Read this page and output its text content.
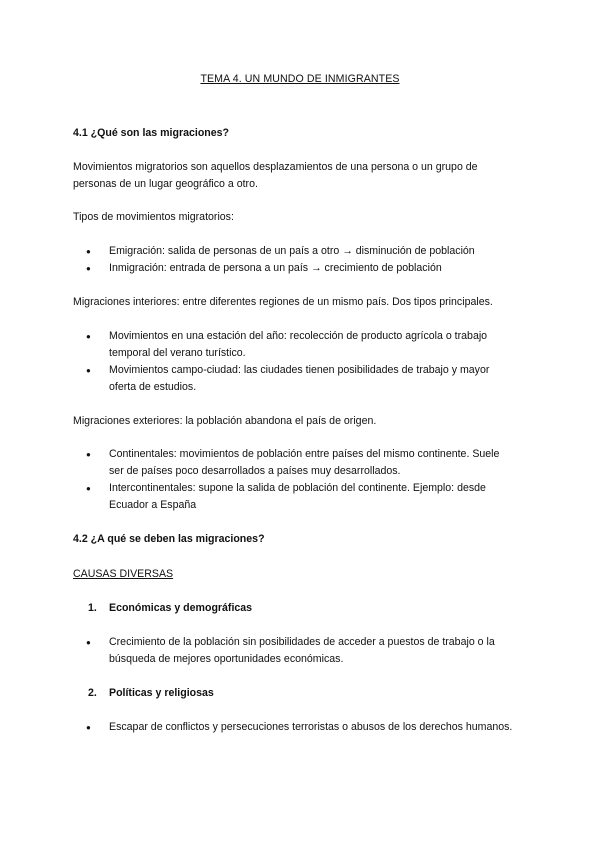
TEMA 4. UN MUNDO DE INMIGRANTES

4.1 ¿Qué son las migraciones?

Movimientos migratorios son aquellos desplazamientos de una persona o un grupo de
personas de un lugar geográfico a otro.

Tipos de movimientos migratorios:

● Emigración: salida de personas de un país a otro → disminución de población
● Inmigración: entrada de persona a un país → crecimiento de población

Migraciones interiores: entre diferentes regiones de un mismo país. Dos tipos principales.

● Movimientos en una estación del año: recolección de producto agrícola o trabajo
temporal del verano turístico.
● Movimientos campo-ciudad: las ciudades tienen posibilidades de trabajo y mayor
oferta de estudios.

Migraciones exteriores: la población abandona el país de origen.

● Continentales: movimientos de población entre países del mismo continente. Suele
ser de países poco desarrollados a países muy desarrollados.
● Intercontinentales: supone la salida de población del continente. Ejemplo: desde
Ecuador a España

4.2 ¿A qué se deben las migraciones?

CAUSAS DIVERSAS

1. Económicas y demográficas
● Crecimiento de la población sin posibilidades de acceder a puestos de trabajo o la
búsqueda de mejores oportunidades económicas.
2. Políticas y religiosas
● Escapar de conflictos y persecuciones terroristas o abusos de los derechos humanos.
